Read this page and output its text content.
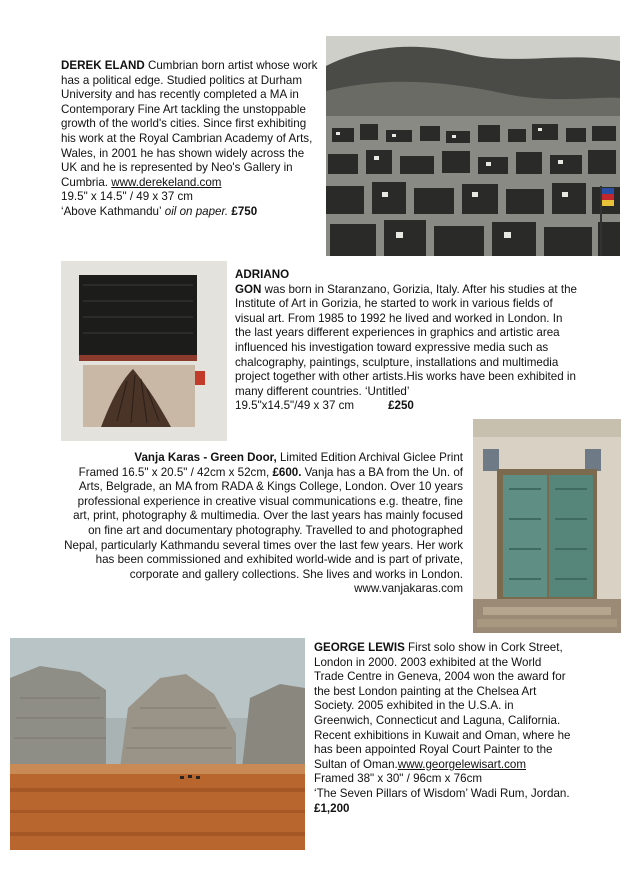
DEREK ELAND Cumbrian born artist whose work has a political edge. Studied politics at Durham University and has recently completed a MA in Contemporary Fine Art tackling the unstoppable growth of the world's cities. Since first exhibiting his work at the Royal Cambrian Academy of Arts, Wales, in 2001 he has shown widely across the UK and he is represented by Neo's Gallery in Cumbria. www.derekeland.com
19.5" x 14.5" / 49 x 37 cm
‘Above Kathmandu’ oil on paper. £750
ADRIANO
GON was born in Staranzano, Gorizia, Italy. After his studies at the Institute of Art in Gorizia, he started to work in various fields of visual art. From 1985 to 1992 he lived and worked in London. In the last years different experiences in graphics and artistic area influenced his investigation toward expressive media such as chalcography, paintings, sculpture, installations and multimedia project together with other artists.His works have been exhibited in many different countries. ‘Untitled’
19.5"x14.5"/49 x 37 cm	£250
Vanja Karas - Green Door, Limited Edition Archival Giclee Print
Framed 16.5" x 20.5" / 42cm x 52cm, £600. Vanja has a BA from the Un. of Arts, Belgrade, an MA from RADA & Kings College, London. Over 10 years professional experience in creative visual communications e.g. theatre, fine art, print, photography & multimedia. Over the last years has mainly focused on fine art and documentary photography. Travelled to and photographed Nepal, particularly Kathmandu several times over the last few years. Her work has been commissioned and exhibited world-wide and is part of private, corporate and gallery collections. She lives and works in London.
www.vanjakaras.com
GEORGE LEWIS First solo show in Cork Street, London in 2000. 2003 exhibited at the World Trade Centre in Geneva, 2004 won the award for the best London painting at the Chelsea Art Society. 2005 exhibited in the U.S.A. in Greenwich, Connecticut and Laguna, California. Recent exhibitions in Kuwait and Oman, where he has been appointed Royal Court Painter to the Sultan of Oman.www.georgelewisart.com
Framed 38" x 30" / 96cm x 76cm
‘The Seven Pillars of Wisdom’ Wadi Rum, Jordan. £1,200
